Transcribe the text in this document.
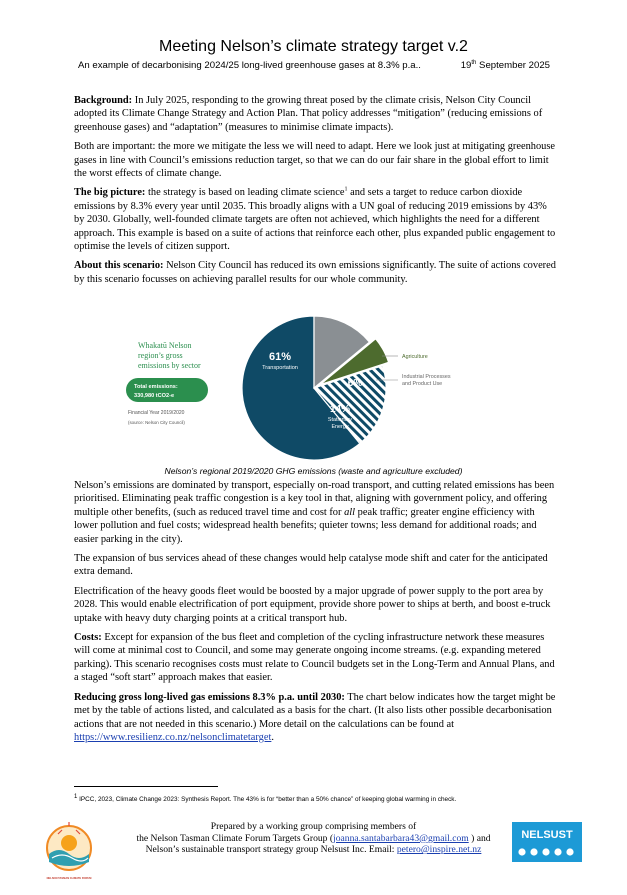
Meeting Nelson’s climate strategy target v.2
An example of decarbonising 2024/25 long-lived greenhouse gases at 8.3% p.a..	19th September 2025

Background: In July 2025, responding to the growing threat posed by the climate crisis, Nelson City Council adopted its Climate Change Strategy and Action Plan. That policy addresses “mitigation” (reducing emissions of greenhouse gases) and “adaptation” (measures to minimise climate impacts).

Both are important: the more we mitigate the less we will need to adapt. Here we look just at mitigating greenhouse gases in line with Council’s emissions reduction target, so that we can do our fair share in the global effort to limit the worst effects of climate change.

The big picture: the strategy is based on leading climate science$^1$ and sets a target to reduce carbon dioxide emissions by 8.3% every year until 2035. This broadly aligns with a UN goal of reducing 2019 emissions by 43% by 2030. Globally, well-founded climate targets are often not achieved, which highlights the need for a different approach. This example is based on a suite of actions that reinforce each other, plus expanded public engagement to optimise the levels of citizen support.

About this scenario: Nelson City Council has reduced its own emissions significantly. The suite of actions covered by this scenario focusses on achieving parallel results for our whole community.

Whakatū Nelson
region’s gross
emissions by sector
Total emissions:
330,980 tCO2-e
Financial Year 2019/2020
(source: Nelson City Council)
61%
Transportation
6%
14%
Stationary
Energy
Agriculture
Industrial Processes
and Product Use
Nelson’s regional 2019/2020 GHG emissions (waste and agriculture excluded)

Nelson’s emissions are dominated by transport, especially on-road transport, and cutting related emissions has been prioritised. Eliminating peak traffic congestion is a key tool in that, aligning with government policy, and offering multiple other benefits, (such as reduced travel time and cost for all peak traffic; greater engine efficiency with lower pollution and fuel costs; widespread health benefits; quieter towns; less demand for additional roads; and easier parking in the city).

The expansion of bus services ahead of these changes would help catalyse mode shift and cater for the anticipated extra demand.

Electrification of the heavy goods fleet would be boosted by a major upgrade of power supply to the port area by 2028. This would enable electrification of port equipment, provide shore power to ships at berth, and boost e-truck uptake with heavy duty charging points at a critical transport hub.

Costs: Except for expansion of the bus fleet and completion of the cycling infrastructure network these measures will come at minimal cost to Council, and some may generate ongoing income streams. (e.g. expanding metered parking). This scenario recognises costs must relate to Council budgets set in the Long-Term and Annual Plans, and a staged “soft start” approach makes that easier.

Reducing gross long-lived gas emissions 8.3% p.a. until 2030: The chart below indicates how the target might be met by the table of actions listed, and calculated as a basis for the chart. (It also lists other possible decarbonisation actions that are not needed in this scenario.) More detail on the calculations can be found at https://www.resilienz.co.nz/nelsonclimatetarget.

$^1$ IPCC, 2023, Climate Change 2023: Synthesis Report. The 43% is for “better than a 50% chance” of keeping global warming in check.
NELSON TASMAN CLIMATE FORUM
Prepared by a working group comprising members of
the Nelson Tasman Climate Forum Targets Group (joanna.santabarbara43@gmail.com ) and
Nelson’s sustainable transport strategy group Nelsust Inc. Email: petero@inspire.net.nz
NELSUST
